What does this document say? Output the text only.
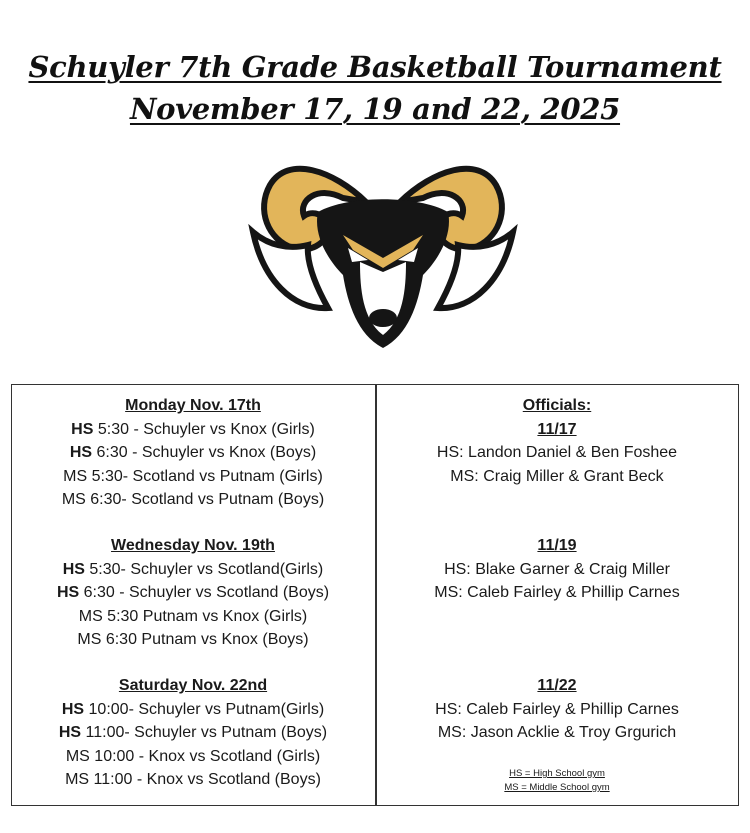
Schuyler 7th Grade Basketball Tournament
November 17, 19 and 22, 2025
Monday Nov. 17th
HS 5:30 - Schuyler vs Knox (Girls)
HS 6:30 - Schuyler vs Knox (Boys)
MS 5:30- Scotland vs Putnam (Girls)
MS 6:30- Scotland vs Putnam (Boys)
Wednesday Nov. 19th
HS 5:30- Schuyler vs Scotland(Girls)
HS 6:30 - Schuyler vs Scotland (Boys)
MS 5:30 Putnam vs Knox (Girls)
MS 6:30 Putnam vs Knox (Boys)
Saturday Nov. 22nd
HS 10:00- Schuyler vs Putnam(Girls)
HS 11:00- Schuyler vs Putnam (Boys)
MS 10:00 - Knox vs Scotland (Girls)
MS 11:00 - Knox vs Scotland (Boys)
Officials:
11/17
HS: Landon Daniel & Ben Foshee
MS: Craig Miller & Grant Beck
11/19
HS: Blake Garner & Craig Miller
MS: Caleb Fairley & Phillip Carnes
11/22
HS: Caleb Fairley & Phillip Carnes
MS: Jason Acklie & Troy Grgurich
HS = High School gym
MS = Middle School gym
